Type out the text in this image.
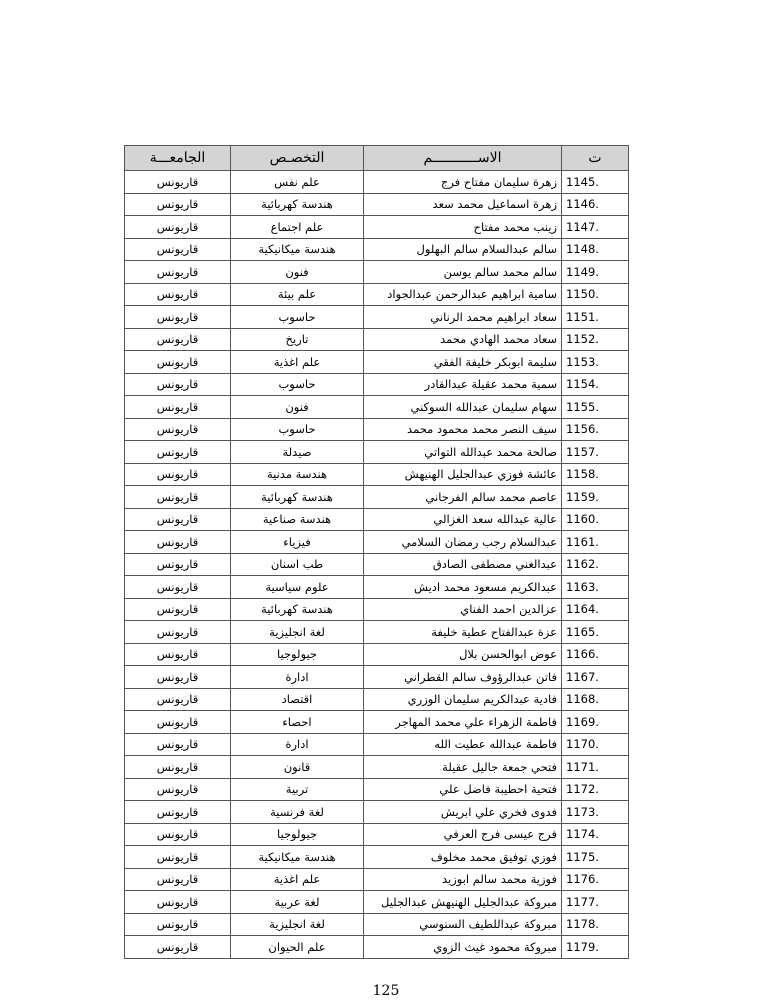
الجامعـــة	التخصـص	الاســـــــــــم	ت
قاريونس	علم نفس	زهرة سليمان مفتاح فرج	1145.
قاريونس	هندسة كهربائية	زهرة اسماعيل محمد سعد	1146.
قاريونس	علم اجتماع	زينب محمد مفتاح	1147.
قاريونس	هندسة ميكانيكية	سالم عبدالسلام سالم البهلول	1148.
قاريونس	فنون	سالم محمد سالم يوسن	1149.
قاريونس	علم بيئة	سامية ابراهيم عبدالرحمن عبدالجواد	1150.
قاريونس	حاسوب	سعاد ابراهيم محمد الرناني	1151.
قاريونس	تاريخ	سعاد محمد الهادي محمد	1152.
قاريونس	علم اغذية	سليمة ابوبكر خليفة الفقي	1153.
قاريونس	حاسوب	سمية محمد عقيلة عبدالقادر	1154.
قاريونس	فنون	سهام سليمان عبدالله السوكني	1155.
قاريونس	حاسوب	سيف النصر محمد محمود محمد	1156.
قاريونس	صيدلة	صالحة محمد عبدالله التواتي	1157.
قاريونس	هندسة مدنية	عائشة فوزي عبدالجليل الهنيهش	1158.
قاريونس	هندسة كهربائية	عاصم محمد سالم الفرجاني	1159.
قاريونس	هندسة صناعية	عالية عبدالله سعد الغزالي	1160.
قاريونس	فيزياء	عبدالسلام رجب رمضان السلامي	1161.
قاريونس	طب اسنان	عبدالغني مصطفى الصادق	1162.
قاريونس	علوم سياسية	عبدالكريم مسعود محمد اديش	1163.
قاريونس	هندسة كهربائية	عزالدين احمد الفناي	1164.
قاريونس	لغة انجليزية	عزة عبدالفتاح عطية خليفة	1165.
قاريونس	جيولوجيا	عوض ابوالحسن بلال	1166.
قاريونس	ادارة	فاتن عبدالرؤوف سالم القطراني	1167.
قاريونس	اقتصاد	فادية عبدالكريم سليمان الوزري	1168.
قاريونس	احصاء	فاطمة الزهراء علي محمد المهاجر	1169.
قاريونس	ادارة	فاطمة عبدالله عطيت الله	1170.
قاريونس	قانون	فتحي جمعة جاليل عقيلة	1171.
قاريونس	تربية	فتحية احطيبة فاضل علي	1172.
قاريونس	لغة فرنسية	فدوى فخري علي ابريش	1173.
قاريونس	جيولوجيا	فرج عيسى فرج العرفي	1174.
قاريونس	هندسة ميكانيكية	فوزي توفيق محمد مخلوف	1175.
قاريونس	علم اغذية	فوزية محمد سالم ابوزيد	1176.
قاريونس	لغة عربية	مبروكة عبدالجليل الهنيهش عبدالجليل	1177.
قاريونس	لغة انجليزية	مبروكة عبداللطيف السنوسي	1178.
قاريونس	علم الحيوان	مبروكة محمود غيث الزوي	1179.
125
